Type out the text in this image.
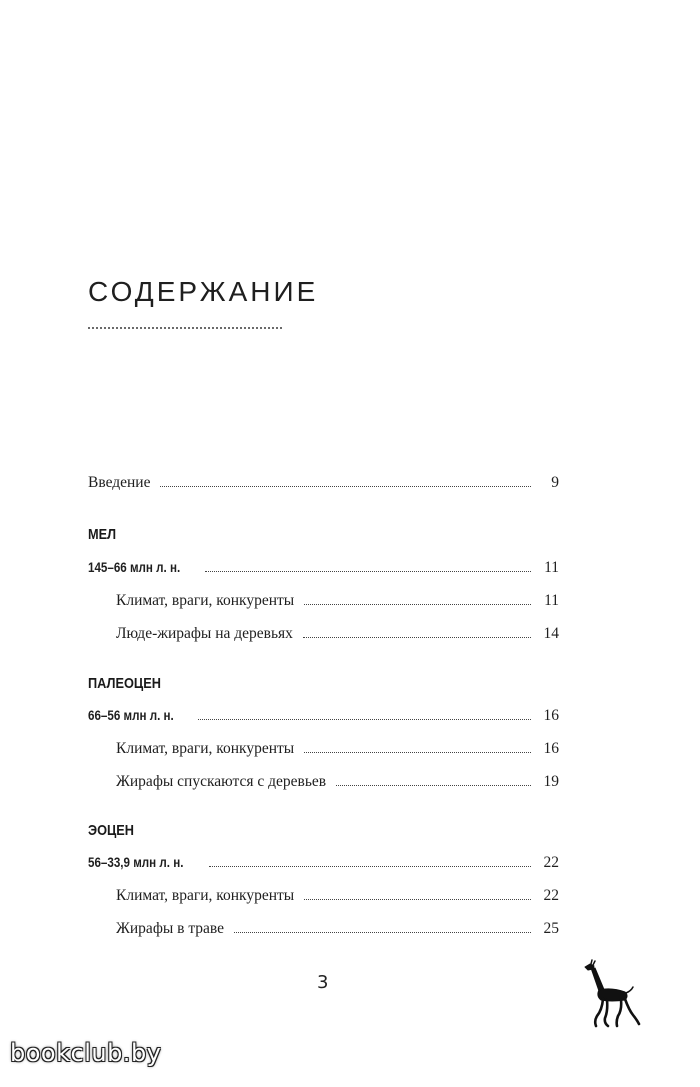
СОДЕРЖАНИЕ
Введение	9
МЕЛ
145–66 млн л. н.	11
Климат, враги, конкуренты	11
Люде-жирафы на деревьях	14
ПАЛЕОЦЕН
66–56 млн л. н.	16
Климат, враги, конкуренты	16
Жирафы спускаются с деревьев	19
ЭОЦЕН
56–33,9 млн л. н.	22
Климат, враги, конкуренты	22
Жирафы в траве	25
3
bookclub.by
